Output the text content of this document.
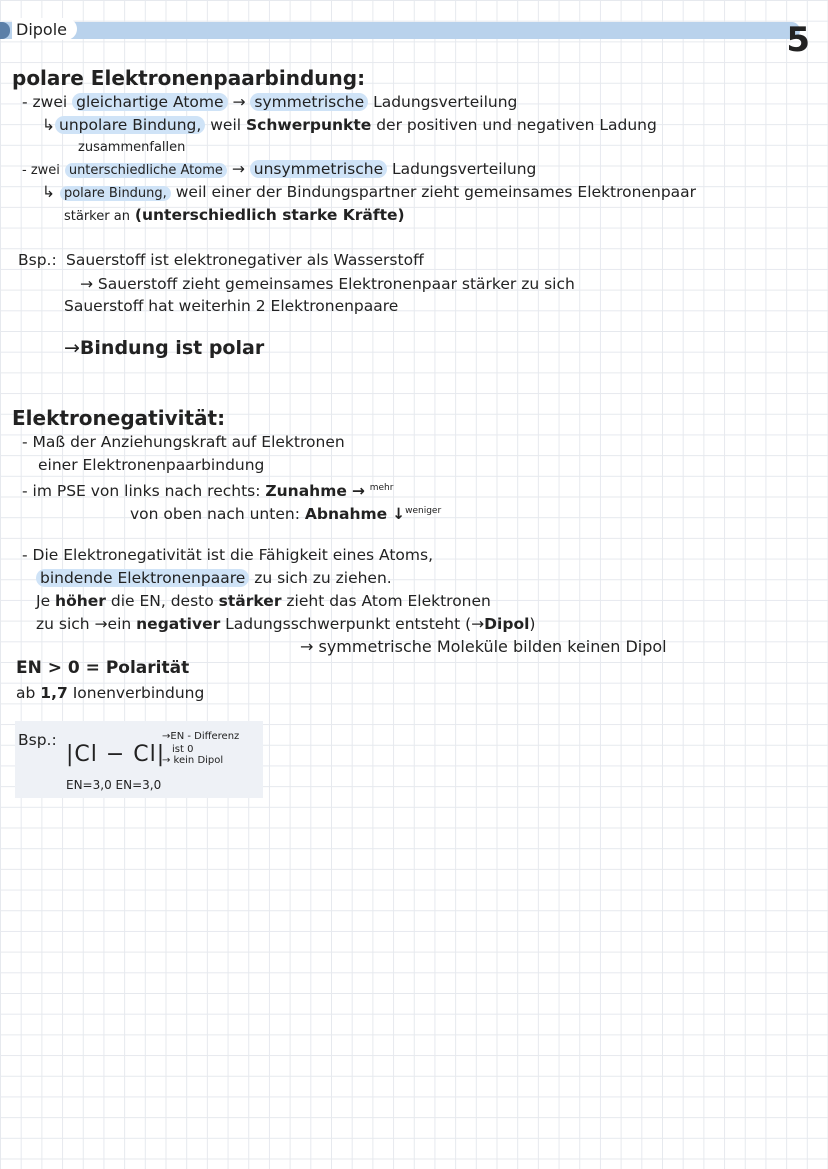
Dipole	5
polare Elektronenpaarbindung:
- zwei gleichartige Atome → symmetrische Ladungsverteilung
↳ unpolare Bindung, weil Schwerpunkte der positiven und negativen Ladung
zusammenfallen
- zwei unterschiedliche Atome → unsymmetrische Ladungsverteilung
↳ polare Bindung, weil einer der Bindungspartner zieht gemeinsames Elektronenpaar
stärker an (unterschiedlich starke Kräfte)
Bsp.: Sauerstoff ist elektronegativer als Wasserstoff
→ Sauerstoff zieht gemeinsames Elektronenpaar stärker zu sich
Sauerstoff hat weiterhin 2 Elektronenpaare
→Bindung ist polar
Elektronegativität:
- Maß der Anziehungskraft auf Elektronen
einer Elektronenpaarbindung
- im PSE von links nach rechts: Zunahme → $^{mehr}$
von oben nach unten: Abnahme ↓$^{weniger}$
- Die Elektronegativität ist die Fähigkeit eines Atoms,
bindende Elektronenpaare zu sich zu ziehen.
Je höher die EN, desto stärker zieht das Atom Elektronen
zu sich →ein negativer Ladungsschwerpunkt entsteht (→Dipol)
→ symmetrische Moleküle bilden keinen Dipol
EN > 0 = Polarität
ab 1,7 Ionenverbindung
Bsp.:
|Cl − Cl|
→EN - Differenz
ist 0
→ kein Dipol
EN=3,0 EN=3,0
